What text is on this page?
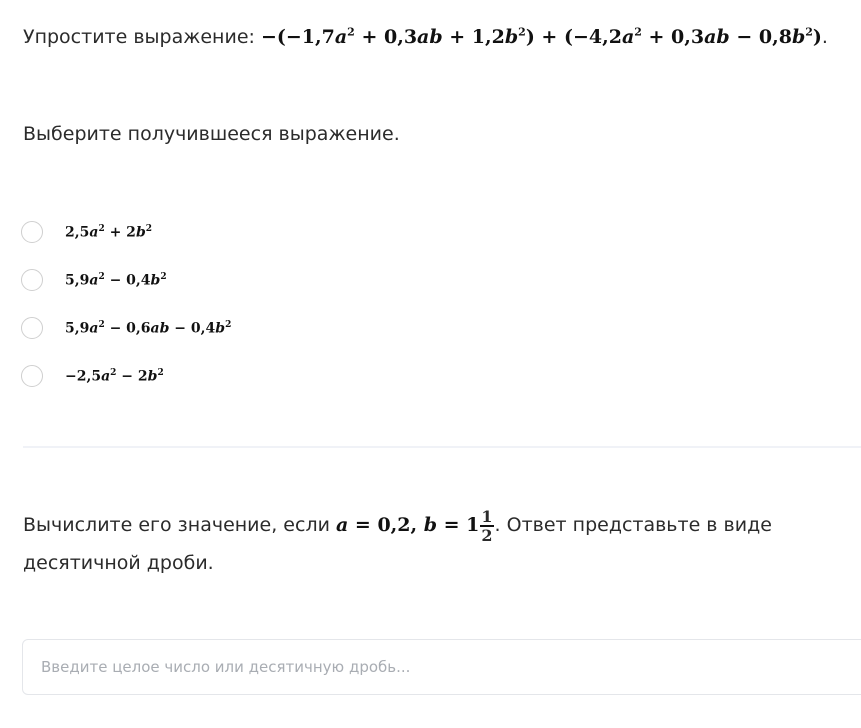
Упростите выражение: $-(-1,7a^2 + 0,3ab + 1,2b^2) + (-4,2a^2 + 0,3ab - 0,8b^2)$.
Выберите получившееся выражение.
$2,5a^2 + 2b^2$
$5,9a^2 - 0,4b^2$
$5,9a^2 - 0,6ab - 0,4b^2$
$-2,5a^2 - 2b^2$
Вычислите его значение, если a = 0,2, $b = 1 \frac{1}{2}$ . Ответ представьте в виде десятичной дроби.
Введите целое число или десятичную дробь...
